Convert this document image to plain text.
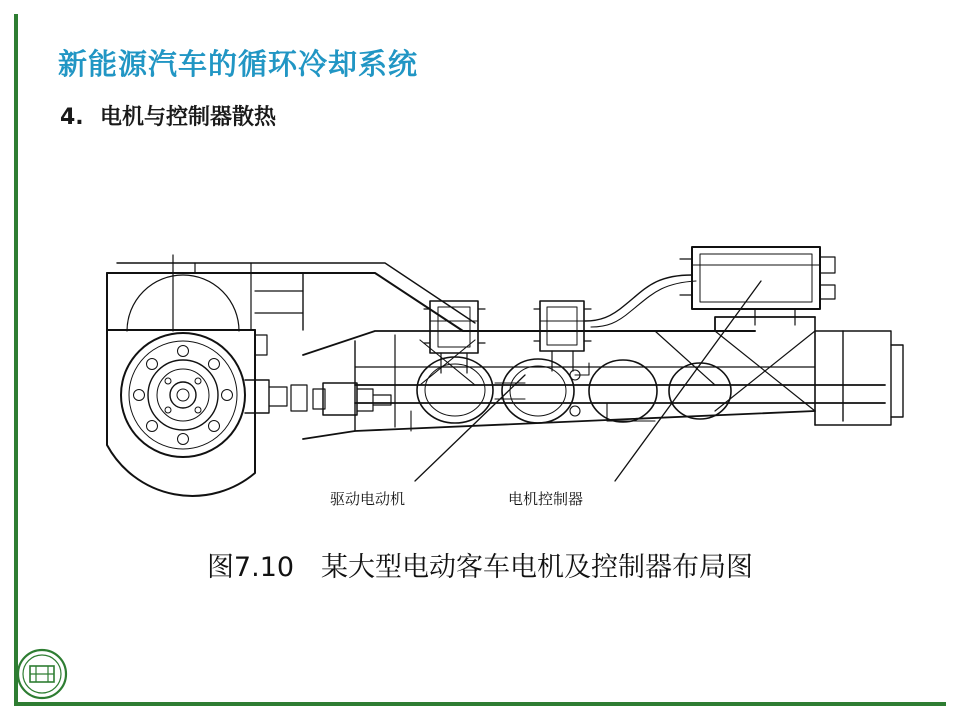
新能源汽车的循环冷却系统
4. 电机与控制器散热
驱动电动机	电机控制器
图7.10　某大型电动客车电机及控制器布局图
